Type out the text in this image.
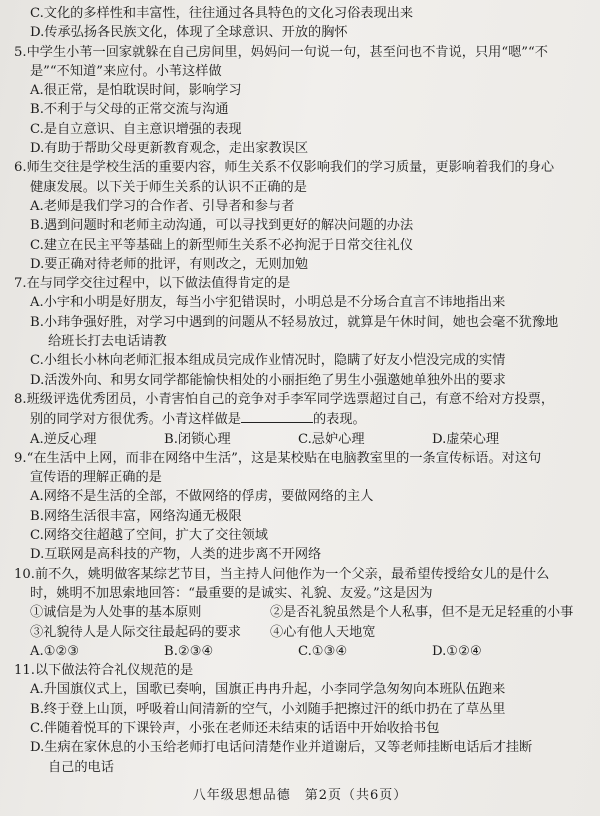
C.文化的多样性和丰富性，往往通过各具特色的文化习俗表现出来
D.传承弘扬各民族文化，体现了全球意识、开放的胸怀
5.中学生小苇一回家就躲在自己房间里，妈妈问一句说一句，甚至问也不肯说，只用“嗯”“不
是”“不知道”来应付。小苇这样做
A.很正常，是怕耽误时间，影响学习
B.不利于与父母的正常交流与沟通
C.是自立意识、自主意识增强的表现
D.有助于帮助父母更新教育观念，走出家教误区
6.师生交往是学校生活的重要内容，师生关系不仅影响我们的学习质量，更影响着我们的身心
健康发展。以下关于师生关系的认识不正确的是
A.老师是我们学习的合作者、引导者和参与者
B.遇到问题时和老师主动沟通，可以寻找到更好的解决问题的办法
C.建立在民主平等基础上的新型师生关系不必拘泥于日常交往礼仪
D.要正确对待老师的批评，有则改之，无则加勉
7.在与同学交往过程中，以下做法值得肯定的是
A.小宇和小明是好朋友，每当小宇犯错误时，小明总是不分场合直言不讳地指出来
B.小玮争强好胜，对学习中遇到的问题从不轻易放过，就算是午休时间，她也会毫不犹豫地
给班长打去电话请教
C.小组长小林向老师汇报本组成员完成作业情况时，隐瞒了好友小恺没完成的实情
D.活泼外向、和男女同学都能愉快相处的小丽拒绝了男生小强邀她单独外出的要求
8.班级评选优秀团员，小青害怕自己的竞争对手李军同学选票超过自己，有意不给对方投票，
别的同学对方很优秀。小青这样做是	的表现。
A.逆反心理	B.闭锁心理	C.忌妒心理	D.虚荣心理
9.“在生活中上网，而非在网络中生活”，这是某校贴在电脑教室里的一条宣传标语。对这句
宣传语的理解正确的是
A.网络不是生活的全部，不做网络的俘虏，要做网络的主人
B.网络生活很丰富，网络沟通无极限
C.网络交往超越了空间，扩大了交往领域
D.互联网是高科技的产物，人类的进步离不开网络
10.前不久，姚明做客某综艺节目，当主持人问他作为一个父亲，最希望传授给女儿的是什么
时，姚明不加思索地回答：“最重要的是诚实、礼貌、友爱。”这是因为
①诚信是为人处事的基本原则	②是否礼貌虽然是个人私事，但不是无足轻重的小事
③礼貌待人是人际交往最起码的要求	④心有他人天地宽
A.①②③	B.②③④	C.①③④	D.①②④
11.以下做法符合礼仪规范的是
A.升国旗仪式上，国歌已奏响，国旗正冉冉升起，小李同学急匆匆向本班队伍跑来
B.终于登上山顶，呼吸着山间清新的空气，小刘随手把擦过汗的纸巾扔在了草丛里
C.伴随着悦耳的下课铃声，小张在老师还未结束的话语中开始收拾书包
D.生病在家休息的小玉给老师打电话问清楚作业并道谢后，又等老师挂断电话后才挂断
自己的电话
八年级思想品德　第2页（共6页）
